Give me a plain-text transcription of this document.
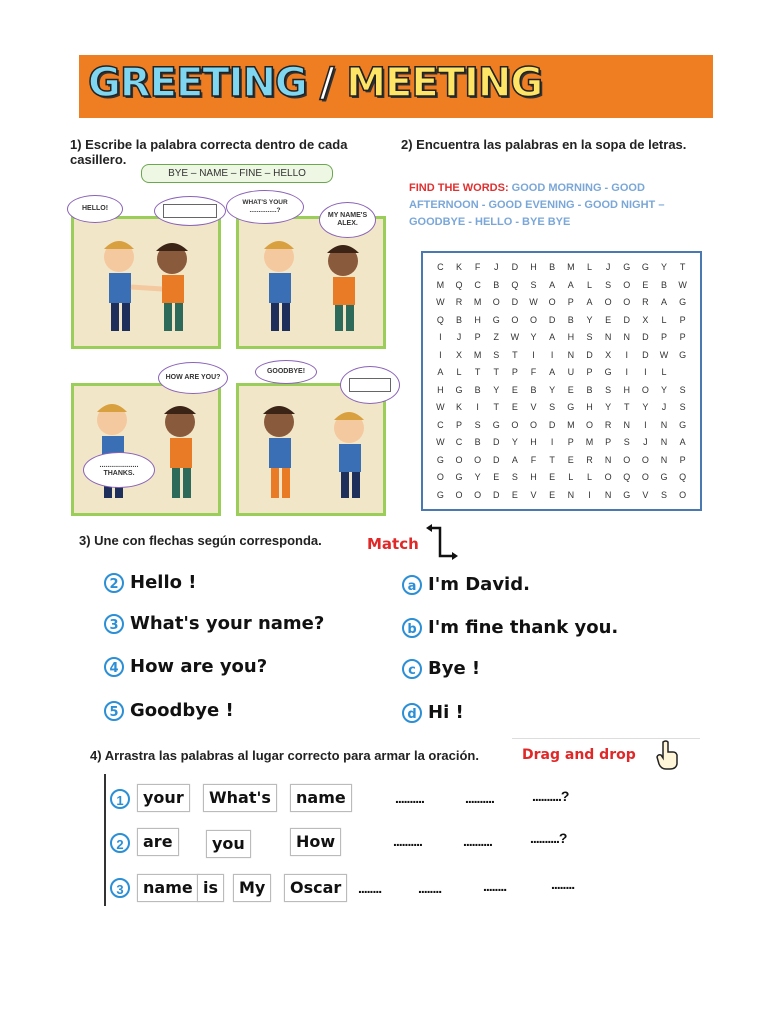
GREETING / MEETING
1) Escribe la palabra correcta dentro de cada casillero.
BYE – NAME – FINE – HELLO
HELLO!
WHAT'S YOUR ...............?
MY NAME'S ALEX.
HOW ARE YOU?
....................
THANKS.
GOODBYE!
2) Encuentra las palabras en la sopa de letras.
FIND THE WORDS: GOOD MORNING - GOOD AFTERNOON - GOOD EVENING - GOOD NIGHT – GOODBYE - HELLO - BYE BYE
C	K	F	J	D	H	B	M	L	J	G	G	Y	T
M	Q	C	B	Q	S	A	A	L	S	O	E	B	W
W	R	M	O	D	W	O	P	A	O	O	R	A	G
Q	B	H	G	O	O	D	B	Y	E	D	X	L	P
I	J	P	Z	W	Y	A	H	S	N	N	D	P	P
I	X	M	S	T	I	I	N	D	X	I	D	W	G
A	L	T	T	P	F	A	U	P	G	I	I	L
H	G	B	Y	E	B	Y	E	B	S	H	O	Y	S
W	K	I	T	E	V	S	G	H	Y	T	Y	J	S
C	P	S	G	O	O	D	M	O	R	N	I	N	G
W	C	B	D	Y	H	I	P	M	P	S	J	N	A
G	O	O	D	A	F	T	E	R	N	O	O	N	P
O	G	Y	E	S	H	E	L	L	O	Q	O	G	Q
G	O	O	D	E	V	E	N	I	N	G	V	S	O
3) Une con flechas según corresponda.	Match
2 Hello !
3 What's your name?
4 How are you?
5 Goodbye !
a I'm David.
b I'm fine thank you.
c Bye !
d Hi !
4) Arrastra las palabras al lugar correcto para armar la oración.	Drag and drop
1	your	What's	name	..........	..........	..........?
2	are	you	How	..........	..........	..........?
3	name is	My	Oscar	........	........	........	........
